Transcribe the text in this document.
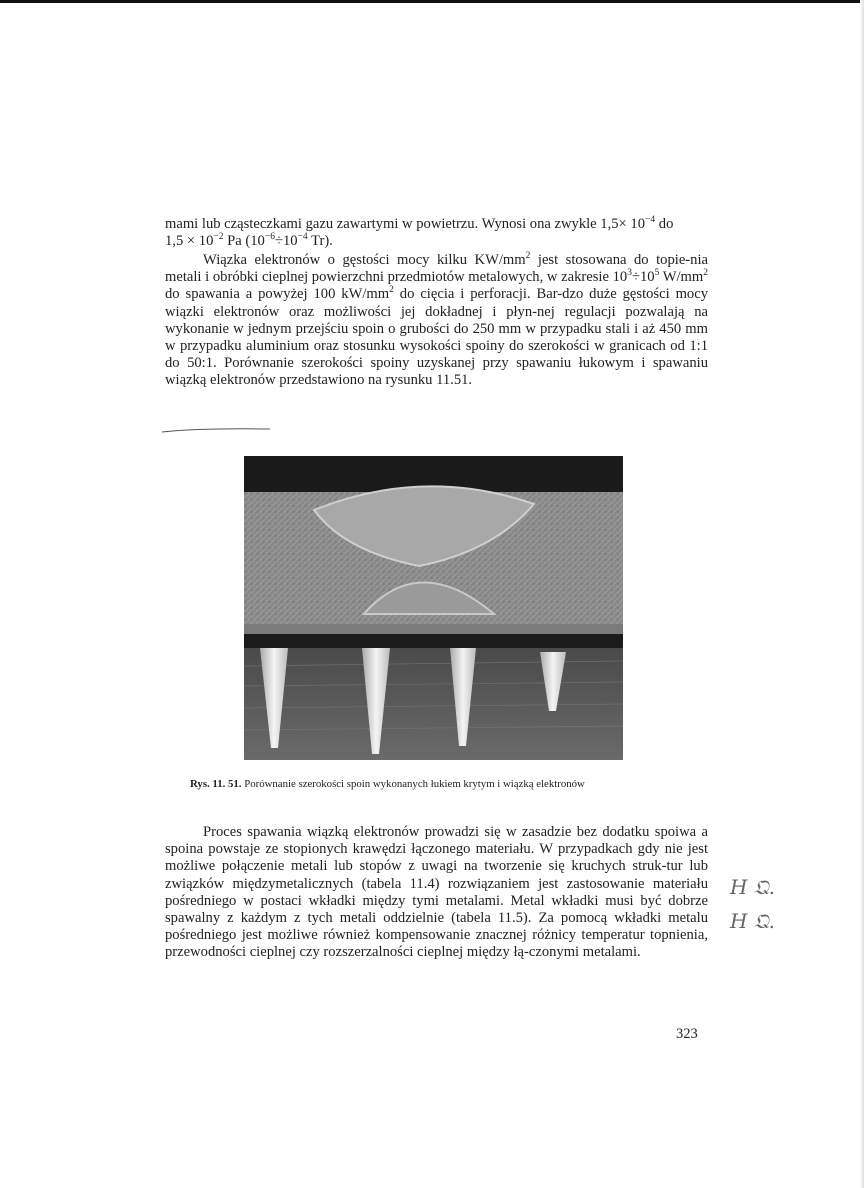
mami lub cząsteczkami gazu zawartymi w powietrzu. Wynosi ona zwykle $1,5\times 10^{-4}$ do
$1,5 \times 10^{-2}$ Pa ($10^{-6}\div 10^{-4}$ Tr).

Wiązka elektronów o gęstości mocy kilku $KW/mm^2$ jest stosowana do topie-nia metali i obróbki cieplnej powierzchni przedmiotów metalowych, w zakresie $10^3\div 10^5$ $W/mm^2$ do spawania a powyżej 100 $kW/mm^2$ do cięcia i perforacji. Bar-dzo duże gęstości mocy wiązki elektronów oraz możliwości jej dokładnej i płyn-nej regulacji pozwalają na wykonanie w jednym przejściu spoin o grubości do 250 mm w przypadku stali i aż 450 mm w przypadku aluminium oraz stosunku wysokości spoiny do szerokości w granicach od 1:1 do 50:1. Porównanie szerokości spoiny uzyskanej przy spawaniu łukowym i spawaniu wiązką elektronów przedstawiono na rysunku 11.51.

Rys. 11. 51. Porównanie szerokości spoin wykonanych łukiem krytym i wiązką elektronów

Proces spawania wiązką elektronów prowadzi się w zasadzie bez dodatku spoiwa a spoina powstaje ze stopionych krawędzi łączonego materiału. W przypadkach gdy nie jest możliwe połączenie metali lub stopów z uwagi na tworzenie się kruchych struk-tur lub związków międzymetalicznych (tabela 11.4) rozwiązaniem jest zastosowanie materiału pośredniego w postaci wkładki między tymi metalami. Metal wkładki musi być dobrze spawalny z każdym z tych metali oddzielnie (tabela 11.5). Za pomocą wkładki metalu pośredniego jest możliwe również kompensowanie znacznej różnicy temperatur topnienia, przewodności cieplnej czy rozszerzalności cieplnej między łą-czonymi metalami.

323
H 𝔔.
H 𝔔.
